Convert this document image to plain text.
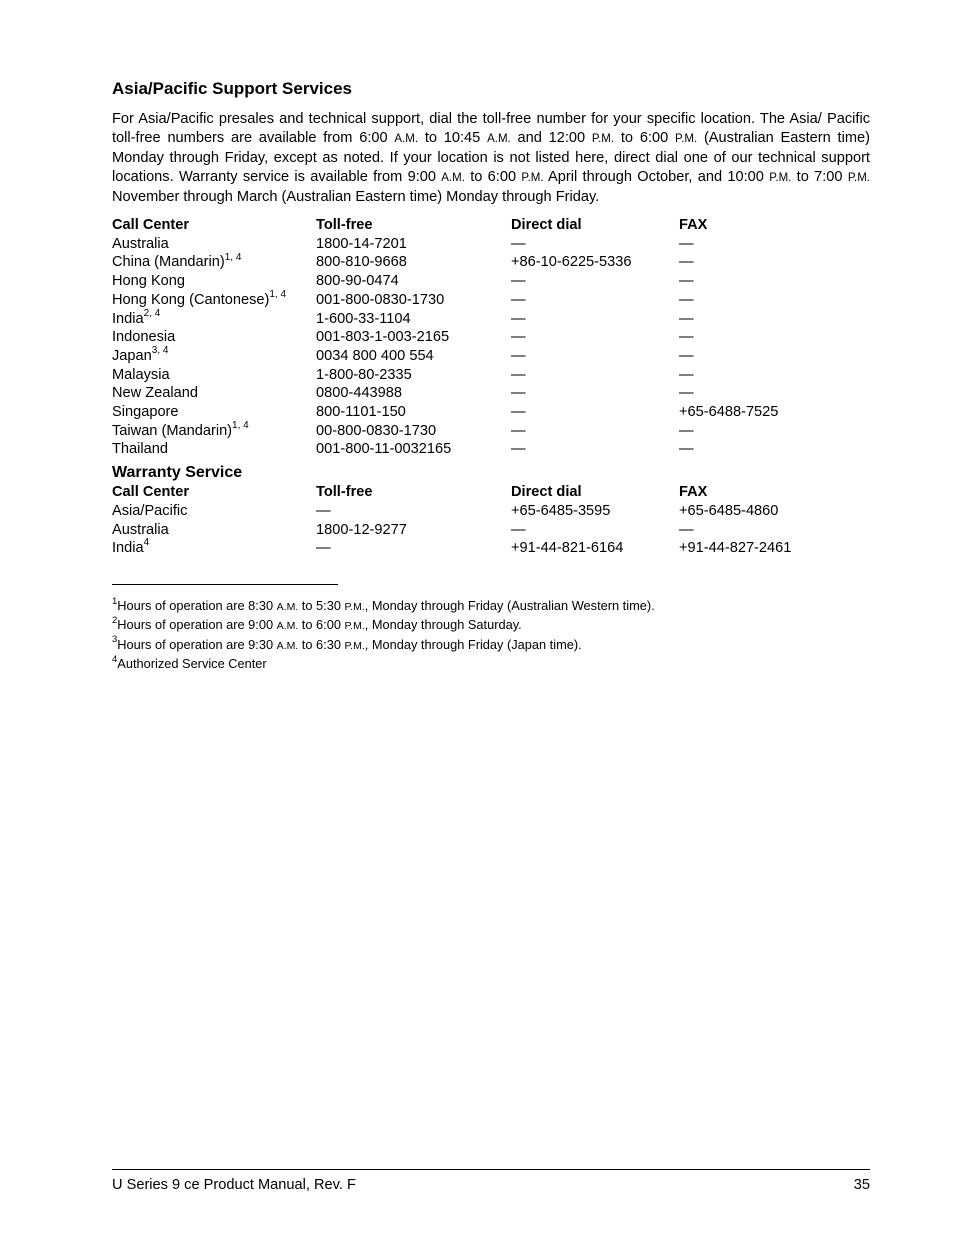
Asia/Pacific Support Services

For Asia/Pacific presales and technical support, dial the toll-free number for your specific location. The Asia/ Pacific toll-free numbers are available from 6:00 A.M. to 10:45 A.M. and 12:00 P.M. to 6:00 P.M. (Australian Eastern time) Monday through Friday, except as noted. If your location is not listed here, direct dial one of our technical support locations. Warranty service is available from 9:00 A.M. to 6:00 P.M. April through October, and 10:00 P.M. to 7:00 P.M. November through March (Australian Eastern time) Monday through Friday.

Call Center	Toll-free	Direct dial	FAX
Australia	1800-14-7201	—	—
China (Mandarin)$^{1, 4}$	800-810-9668	+86-10-6225-5336	—
Hong Kong	800-90-0474	—	—
Hong Kong (Cantonese)$^{1, 4}$	001-800-0830-1730	—	—
India$^{2, 4}$	1-600-33-1104	—	—
Indonesia	001-803-1-003-2165	—	—
Japan$^{3, 4}$	0034 800 400 554	—	—
Malaysia	1-800-80-2335	—	—
New Zealand	0800-443988	—	—
Singapore	800-1101-150	—	+65-6488-7525
Taiwan (Mandarin)$^{1, 4}$	00-800-0830-1730	—	—
Thailand	001-800-11-0032165	—	—
Warranty Service
Call Center	Toll-free	Direct dial	FAX
Asia/Pacific	—	+65-6485-3595	+65-6485-4860
Australia	1800-12-9277	—	—
India$^4$	—	+91-44-821-6164	+91-44-827-2461

$^1$Hours of operation are 8:30 A.M. to 5:30 P.M., Monday through Friday (Australian Western time).

$^2$Hours of operation are 9:00 A.M. to 6:00 P.M., Monday through Saturday.

$^3$Hours of operation are 9:30 A.M. to 6:30 P.M., Monday through Friday (Japan time).

$^4$Authorized Service Center

U Series 9 ce Product Manual, Rev. F	35
